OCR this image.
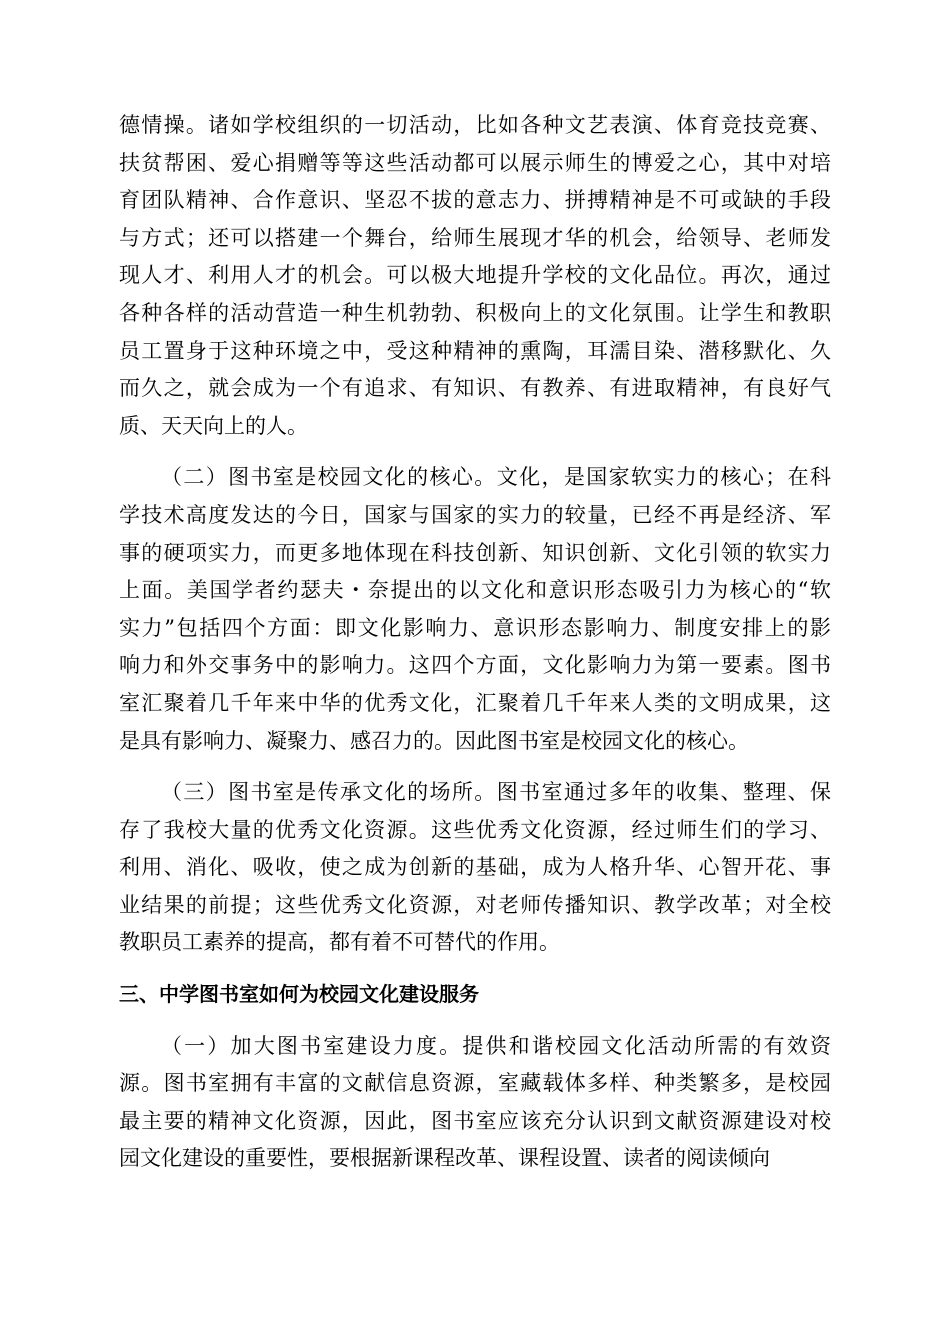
德情操。诸如学校组织的一切活动，比如各种文艺表演、体育竞技竞赛、
扶贫帮困、爱心捐赠等等这些活动都可以展示师生的博爱之心，其中对培
育团队精神、合作意识、坚忍不拔的意志力、拼搏精神是不可或缺的手段
与方式；还可以搭建一个舞台，给师生展现才华的机会，给领导、老师发
现人才、利用人才的机会。可以极大地提升学校的文化品位。再次，通过
各种各样的活动营造一种生机勃勃、积极向上的文化氛围。让学生和教职
员工置身于这种环境之中，受这种精神的熏陶，耳濡目染、潜移默化、久
而久之，就会成为一个有追求、有知识、有教养、有进取精神，有良好气
质、天天向上的人。
（二）图书室是校园文化的核心。文化，是国家软实力的核心；在科
学技术高度发达的今日，国家与国家的实力的较量，已经不再是经济、军
事的硬项实力，而更多地体现在科技创新、知识创新、文化引领的软实力
上面。美国学者约瑟夫・奈提出的以文化和意识形态吸引力为核心的“软
实力”包括四个方面：即文化影响力、意识形态影响力、制度安排上的影
响力和外交事务中的影响力。这四个方面，文化影响力为第一要素。图书
室汇聚着几千年来中华的优秀文化，汇聚着几千年来人类的文明成果，这
是具有影响力、凝聚力、感召力的。因此图书室是校园文化的核心。
（三）图书室是传承文化的场所。图书室通过多年的收集、整理、保
存了我校大量的优秀文化资源。这些优秀文化资源，经过师生们的学习、
利用、消化、吸收，使之成为创新的基础，成为人格升华、心智开花、事
业结果的前提；这些优秀文化资源，对老师传播知识、教学改革；对全校
教职员工素养的提高，都有着不可替代的作用。
三、中学图书室如何为校园文化建设服务
（一）加大图书室建设力度。提供和谐校园文化活动所需的有效资
源。图书室拥有丰富的文献信息资源，室藏载体多样、种类繁多，是校园
最主要的精神文化资源，因此，图书室应该充分认识到文献资源建设对校
园文化建设的重要性，要根据新课程改革、课程设置、读者的阅读倾向
